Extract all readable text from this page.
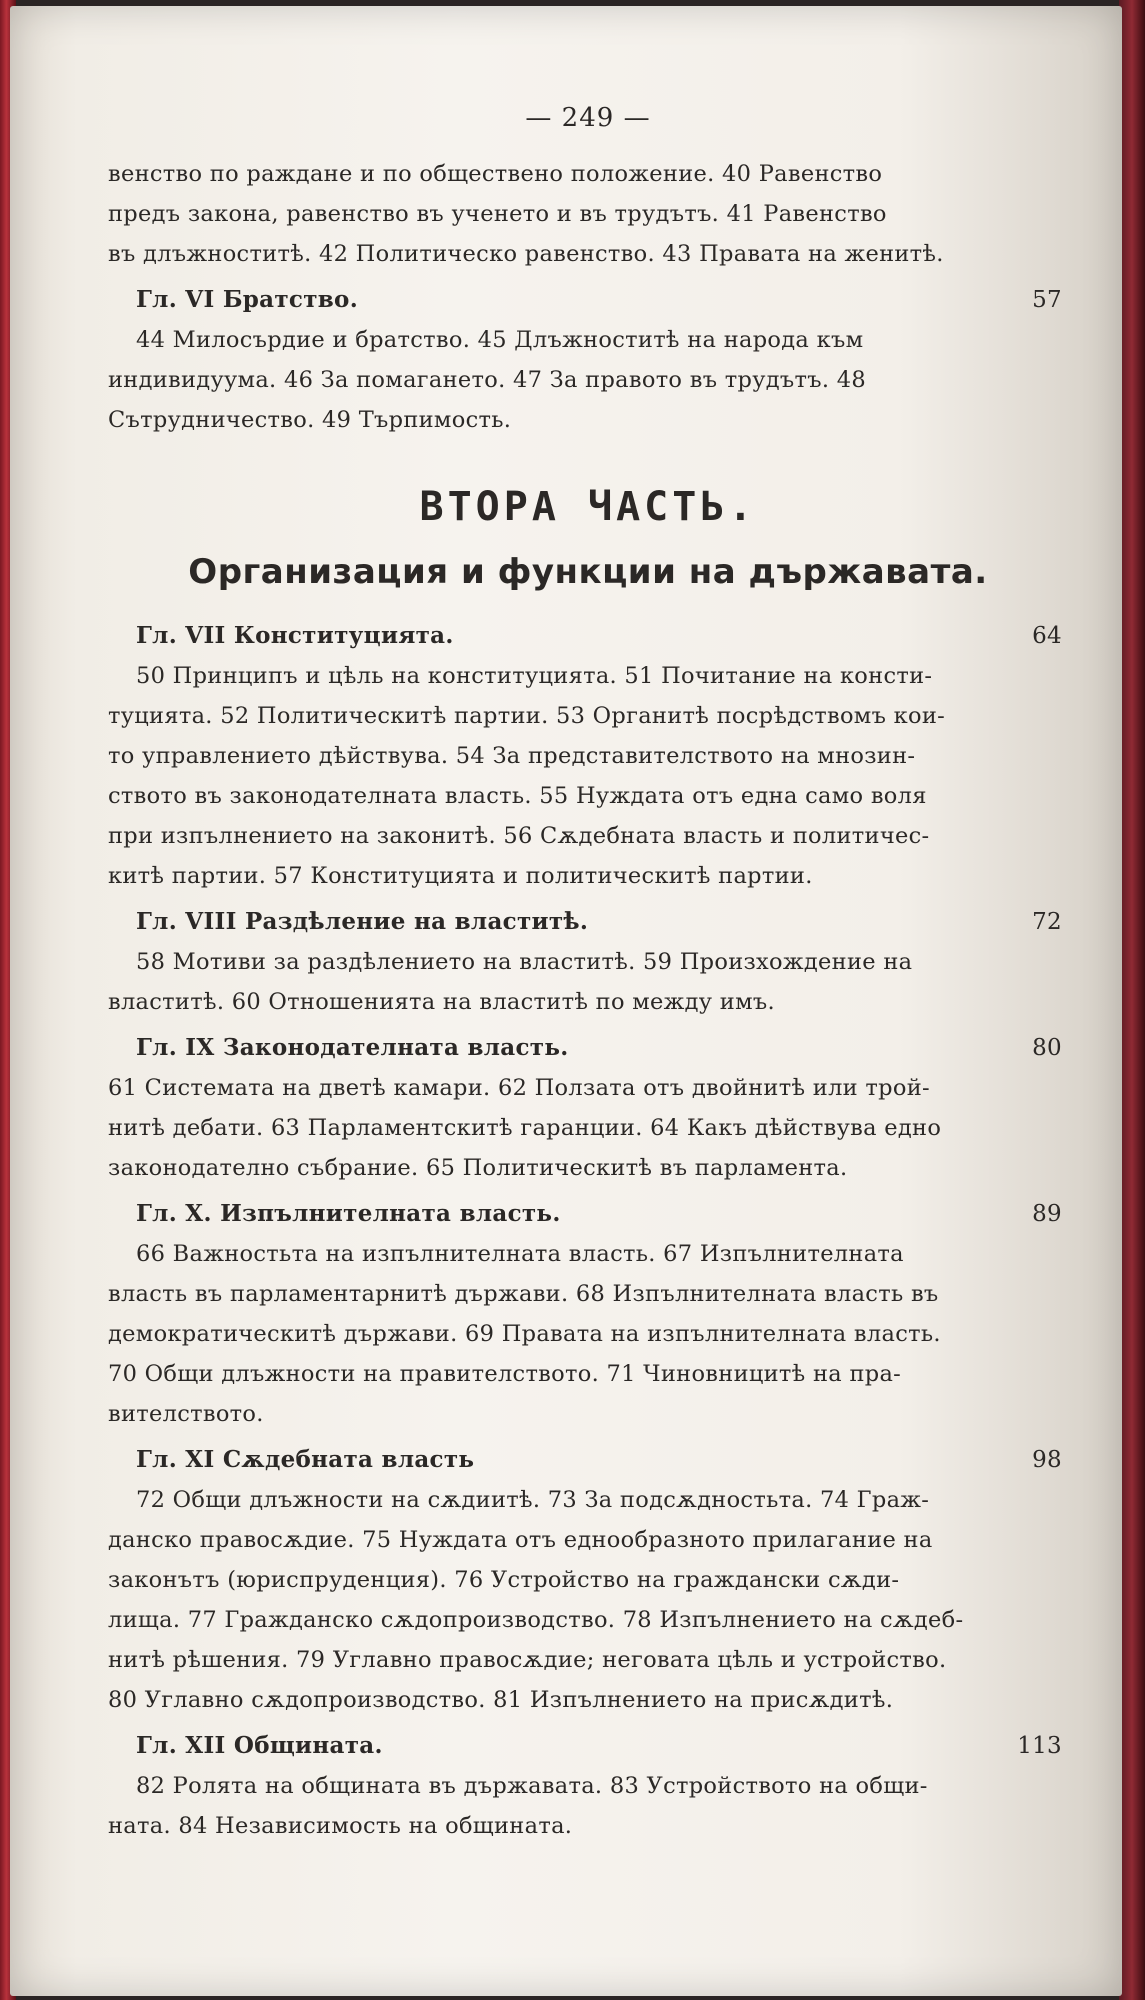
— 249 —

венство по раждане и по обществено положение. 40 Равенство

предъ закона, равенство въ ученето и въ трудътъ. 41 Равенство

въ длъжноститѣ. 42 Политическо равенство. 43 Правата на женитѣ.

Гл. VI Братство.	57

44 Милосърдие и братство. 45 Длъжноститѣ на народа към

индивидуума. 46 За помагането. 47 За правото въ трудътъ. 48

Сътрудничество. 49 Търпимость.

ВТОРА ЧАСТЬ.
Организация и функции на държавата.
Гл. VII Конституцията.	64

50 Принципъ и цѣль на конституцията. 51 Почитание на консти-

туцията. 52 Политическитѣ партии. 53 Органитѣ посрѣдствомъ кои-

то управлението дѣйствува. 54 За представителството на мнозин-

ството въ законодателната власть. 55 Нуждата отъ една само воля

при изпълнението на законитѣ. 56 Сѫдебната власть и политичес-

китѣ партии. 57 Конституцията и политическитѣ партии.

Гл. VIII Раздѣление на властитѣ.	72

58 Мотиви за раздѣлението на властитѣ. 59 Произхождение на

властитѣ. 60 Отношенията на властитѣ по между имъ.

Гл. IX Законодателната власть.	80

61 Системата на дветѣ камари. 62 Ползата отъ двойнитѣ или трой-

нитѣ дебати. 63 Парламентскитѣ гаранции. 64 Какъ дѣйствува едно

законодателно събрание. 65 Политическитѣ въ парламента.

Гл. X. Изпълнителната власть.	89

66 Важностьта на изпълнителната власть. 67 Изпълнителната

власть въ парламентарнитѣ държави. 68 Изпълнителната власть въ

демократическитѣ държави. 69 Правата на изпълнителната власть.

70 Общи длъжности на правителството. 71 Чиновницитѣ на пра-

вителството.

Гл. XI Сѫдебната власть	98

72 Общи длъжности на сѫдиитѣ. 73 За подсѫдностьта. 74 Граж-

данско правосѫдие. 75 Нуждата отъ еднообразното прилагание на

законътъ (юриспруденция). 76 Устройство на граждански сѫди-

лища. 77 Гражданско сѫдопроизводство. 78 Изпълнението на сѫдеб-

нитѣ рѣшения. 79 Углавно правосѫдие; неговата цѣль и устройство.

80 Углавно сѫдопроизводство. 81 Изпълнението на присѫдитѣ.

Гл. XII Общината.	113

82 Ролята на общината въ държавата. 83 Устройството на общи-

ната. 84 Независимость на общината.
